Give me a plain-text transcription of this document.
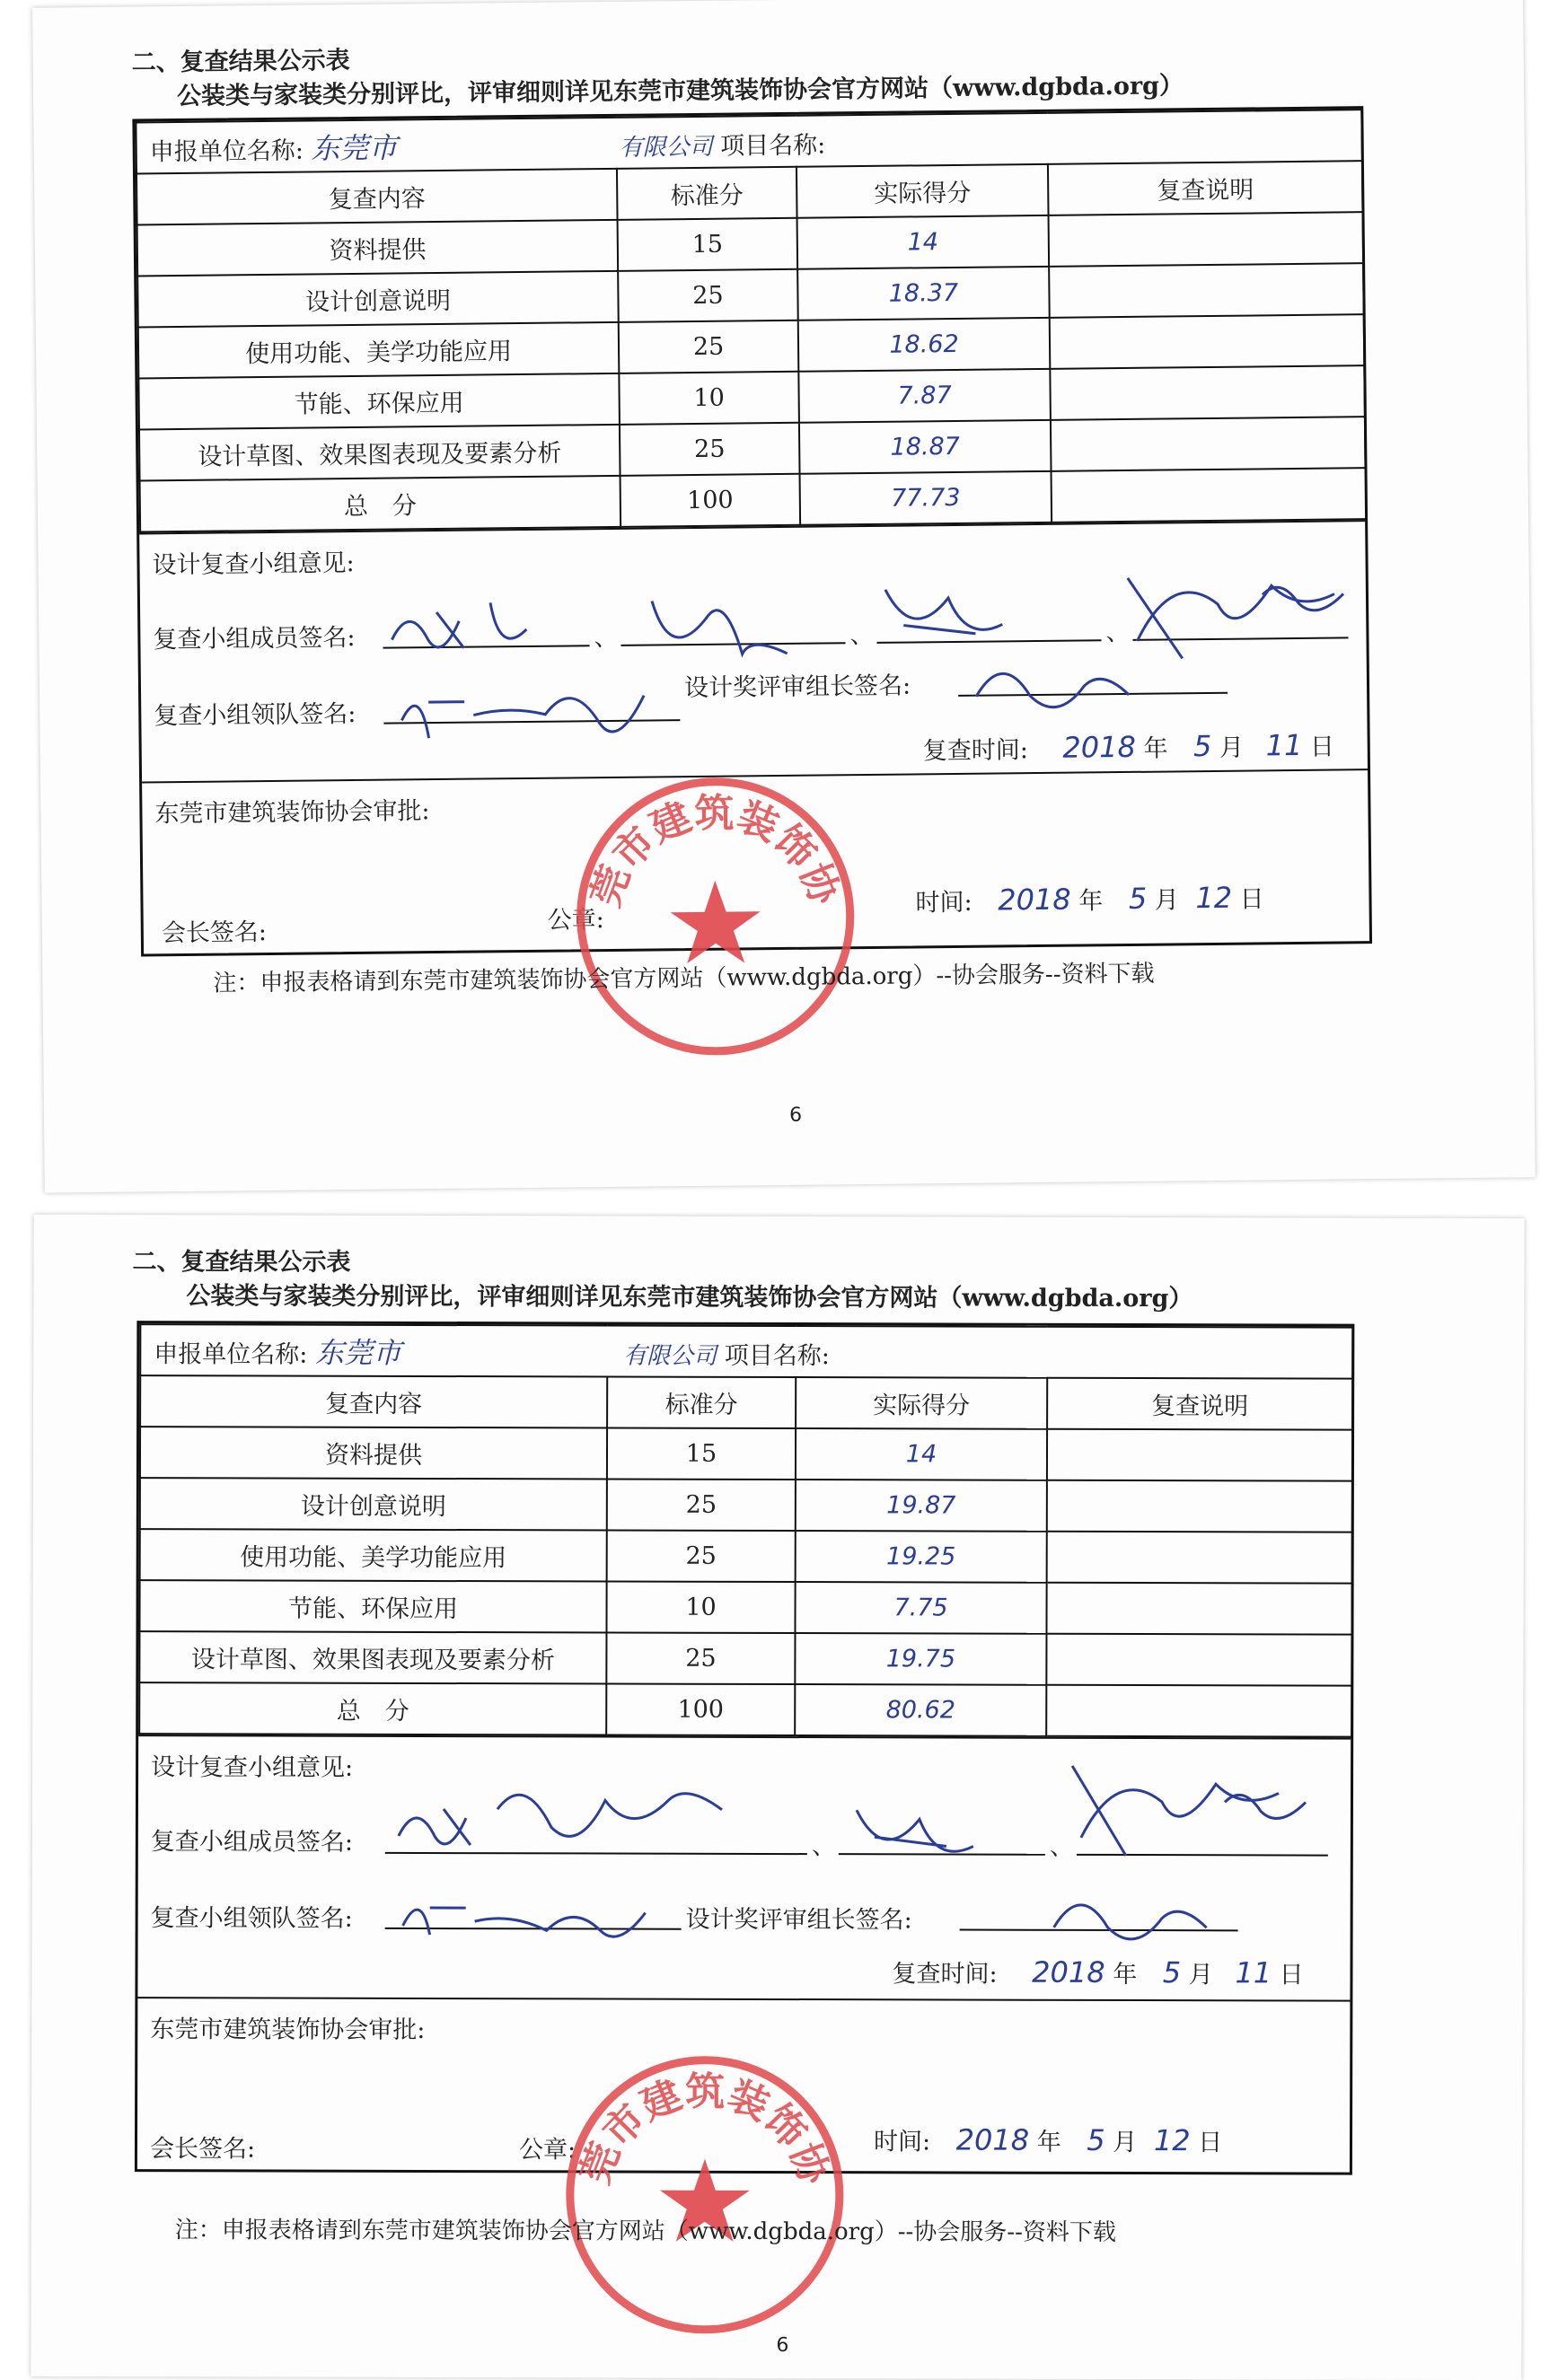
二、复查结果公示表
公装类与家装类分别评比，评审细则详见东莞市建筑装饰协会官方网站（www.dgbda.org）
申报单位名称: 东莞市 有限公司 项目名称:			
复查内容	标准分	实际得分	复查说明
资料提供	15	14	
设计创意说明	25	18.37	
使用功能、美学功能应用	25	18.62	
节能、环保应用	10	7.87	
设计草图、效果图表现及要素分析	25	18.87	
总　分	100	77.73	
设计复查小组意见:
复查小组成员签名:	、	、	、
复查小组领队签名:
设计奖评审组长签名:
复查时间: 2018 年 5 月 11 日
东莞市建筑装饰协会审批:
会长签名:	公章:
时间: 2018 年 5 月 12 日
东莞市建筑装饰协会
注：申报表格请到东莞市建筑装饰协会官方网站（www.dgbda.org）--协会服务--资料下载
6
二、复查结果公示表
公装类与家装类分别评比，评审细则详见东莞市建筑装饰协会官方网站（www.dgbda.org）
申报单位名称: 东莞市 有限公司 项目名称:			
复查内容	标准分	实际得分	复查说明
资料提供	15	14	
设计创意说明	25	19.87	
使用功能、美学功能应用	25	19.25	
节能、环保应用	10	7.75	
设计草图、效果图表现及要素分析	25	19.75	
总　分	100	80.62	
设计复查小组意见:
复查小组成员签名:	、	、
复查小组领队签名:	设计奖评审组长签名:
复查时间: 2018 年 5 月 11 日
东莞市建筑装饰协会审批:
会长签名:	公章:	时间: 2018 年 5 月 12 日
东莞市建筑装饰协会
注：申报表格请到东莞市建筑装饰协会官方网站（www.dgbda.org）--协会服务--资料下载
6
